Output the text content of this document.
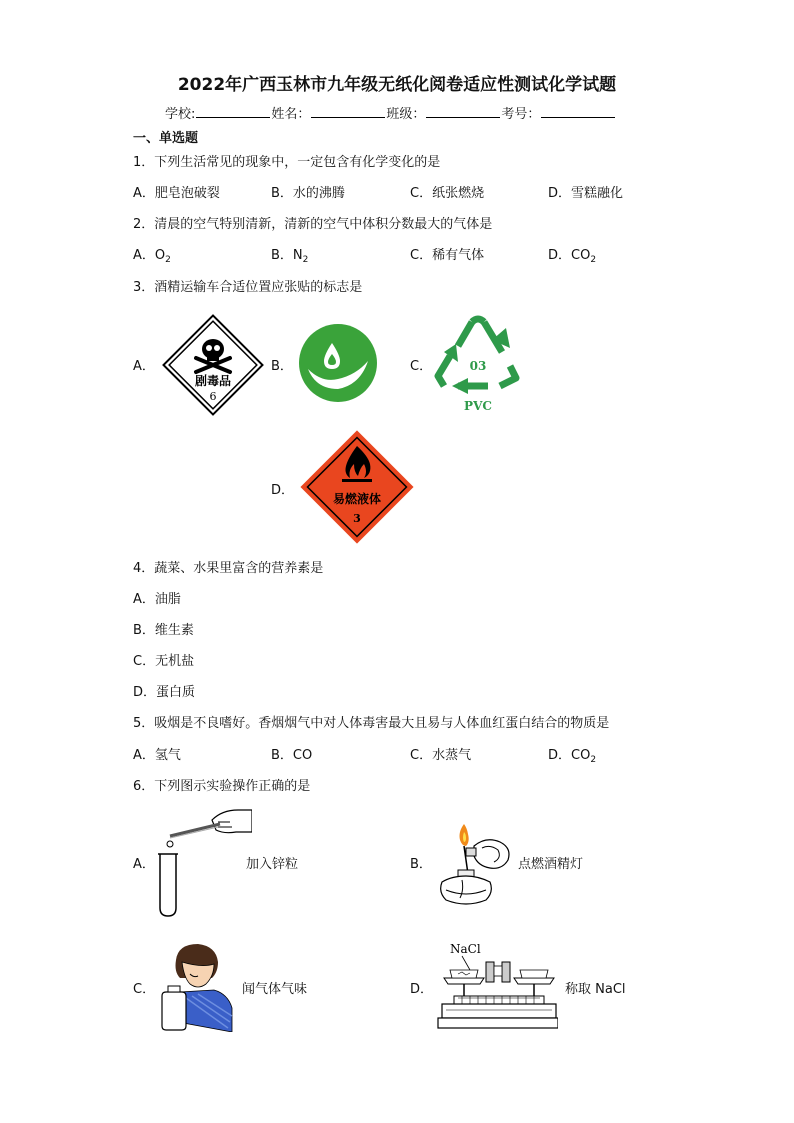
2022年广西玉林市九年级无纸化阅卷适应性测试化学试题
学校:	姓名：	班级：	考号：
一、单选题
1．下列生活常见的现象中，一定包含有化学变化的是
A．肥皂泡破裂	B．水的沸腾	C．纸张燃烧	D．雪糕融化
2．清晨的空气特别清新，清新的空气中体积分数最大的气体是
A．$O_2$	B．$N_2$	C．稀有气体	D．$CO_2$
3．酒精运输车合适位置应张贴的标志是
A．
剧毒品
6
B．	C．	03
PVC
D．
易燃液体
3
4．蔬菜、水果里富含的营养素是
A．油脂
B．维生素
C．无机盐
D．蛋白质
5．吸烟是不良嗜好。香烟烟气中对人体毒害最大且易与人体血红蛋白结合的物质是
A．氢气	B．CO	C．水蒸气	D．$CO_2$
6．下列图示实验操作正确的是
A．	加入锌粒	B．	点燃酒精灯
C．	闻气体气味	D．
NaCl
称取 NaCl
